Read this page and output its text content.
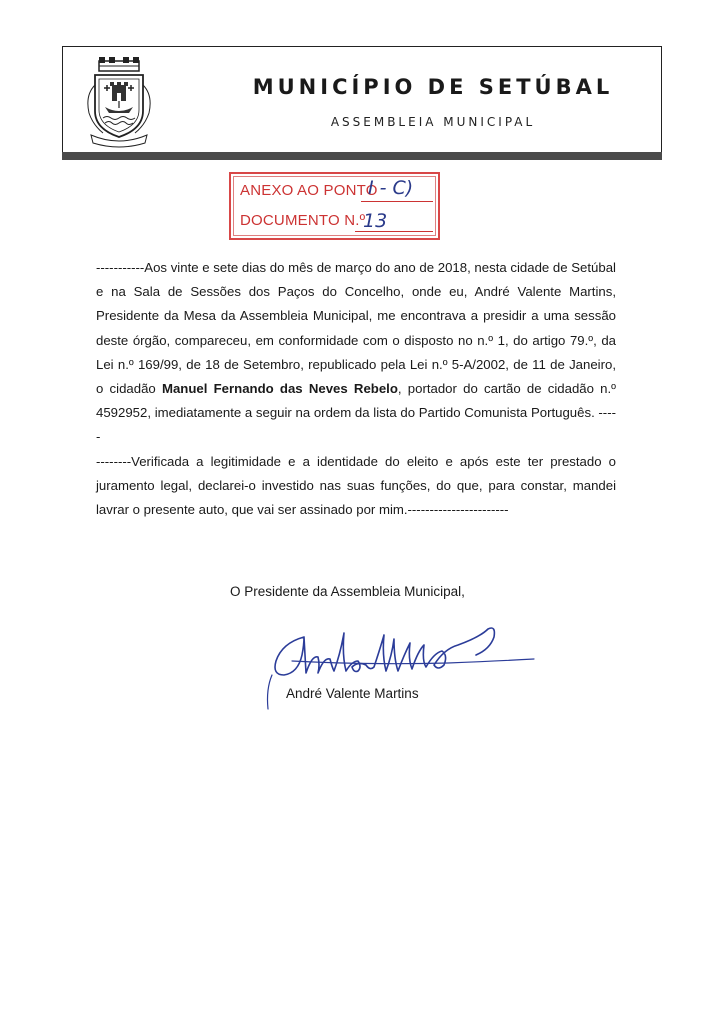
MUNICÍPIO DE SETÚBAL
ASSEMBLEIA MUNICIPAL
ANEXO AO PONTO
I - C)
DOCUMENTO N.º
13

-----------Aos vinte e sete dias do mês de março do ano de 2018, nesta cidade de Setúbal e na Sala de Sessões dos Paços do Concelho, onde eu, André Valente Martins, Presidente da Mesa da Assembleia Municipal, me encontrava a presidir a uma sessão deste órgão, compareceu, em conformidade com o disposto no n.º 1, do artigo 79.º, da Lei n.º 169/99, de 18 de Setembro, republicado pela Lei n.º 5-A/2002, de 11 de Janeiro, o cidadão Manuel Fernando das Neves Rebelo, portador do cartão de cidadão n.º 4592952, imediatamente a seguir na ordem da lista do Partido Comunista Português. -----

--------Verificada a legitimidade e a identidade do eleito e após este ter prestado o juramento legal, declarei-o investido nas suas funções, do que, para constar, mandei lavrar o presente auto, que vai ser assinado por mim.-----------------------

O Presidente da Assembleia Municipal,
André Valente Martins
